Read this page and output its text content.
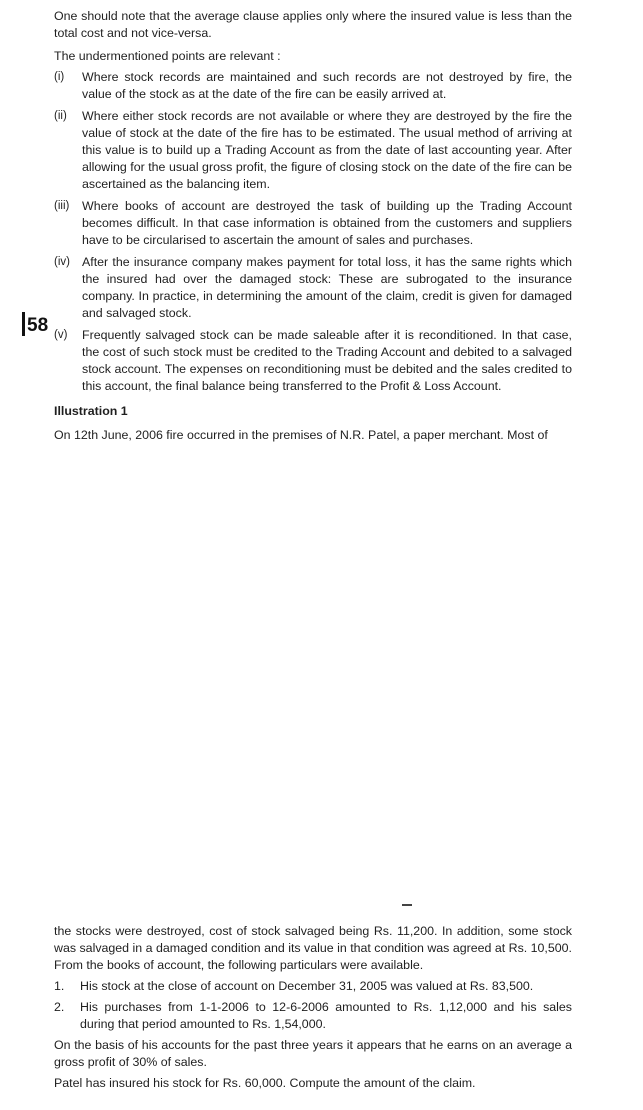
One should note that the average clause applies only where the insured value is less than the total cost and not vice-versa.

The undermentioned points are relevant :

(i) Where stock records are maintained and such records are not destroyed by fire, the value of the stock as at the date of the fire can be easily arrived at.
(ii) Where either stock records are not available or where they are destroyed by the fire the value of stock at the date of the fire has to be estimated. The usual method of arriving at this value is to build up a Trading Account as from the date of last accounting year. After allowing for the usual gross profit, the figure of closing stock on the date of the fire can be ascertained as the balancing item.
(iii) Where books of account are destroyed the task of building up the Trading Account becomes difficult. In that case information is obtained from the customers and suppliers have to be circularised to ascertain the amount of sales and purchases.
(iv) After the insurance company makes payment for total loss, it has the same rights which the insured had over the damaged stock: These are subrogated to the insurance company. In practice, in determining the amount of the claim, credit is given for damaged and salvaged stock.
(v) Frequently salvaged stock can be made saleable after it is reconditioned. In that case, the cost of such stock must be credited to the Trading Account and debited to a salvaged stock account. The expenses on reconditioning must be debited and the sales credited to this account, the final balance being transferred to the Profit & Loss Account.

Illustration 1

On 12th June, 2006 fire occurred in the premises of N.R. Patel, a paper merchant. Most of

58

the stocks were destroyed, cost of stock salvaged being Rs. 11,200. In addition, some stock was salvaged in a damaged condition and its value in that condition was agreed at Rs. 10,500. From the books of account, the following particulars were available.

1. His stock at the close of account on December 31, 2005 was valued at Rs. 83,500.
2. His purchases from 1-1-2006 to 12-6-2006 amounted to Rs. 1,12,000 and his sales during that period amounted to Rs. 1,54,000.

On the basis of his accounts for the past three years it appears that he earns on an average a gross profit of 30% of sales.

Patel has insured his stock for Rs. 60,000. Compute the amount of the claim.
